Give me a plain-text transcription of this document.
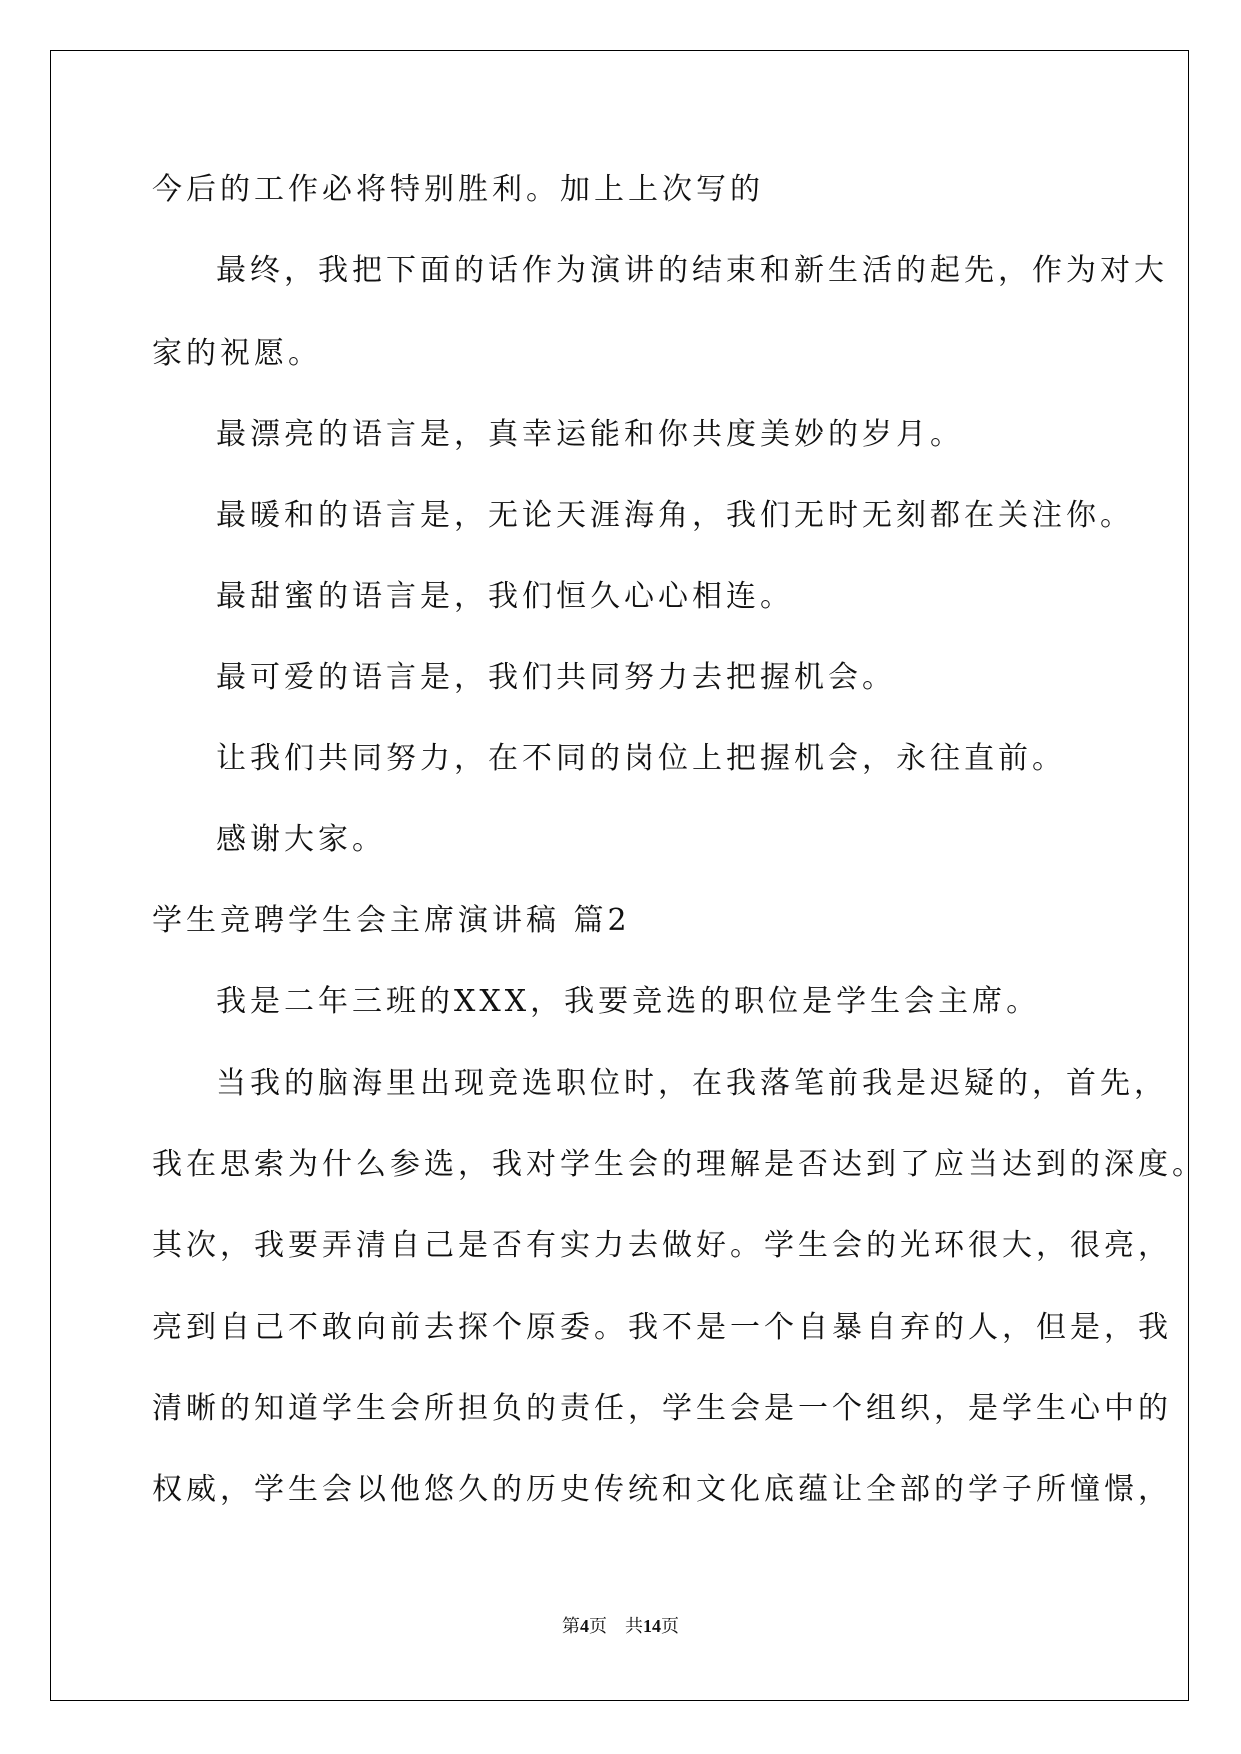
今后的工作必将特别胜利。加上上次写的

最终，我把下面的话作为演讲的结束和新生活的起先，作为对大

家的祝愿。

最漂亮的语言是，真幸运能和你共度美妙的岁月。

最暖和的语言是，无论天涯海角，我们无时无刻都在关注你。

最甜蜜的语言是，我们恒久心心相连。

最可爱的语言是，我们共同努力去把握机会。

让我们共同努力，在不同的岗位上把握机会，永往直前。

感谢大家。

学生竞聘学生会主席演讲稿 篇2

我是二年三班的XXX，我要竞选的职位是学生会主席。

当我的脑海里出现竞选职位时，在我落笔前我是迟疑的，首先，

我在思索为什么参选，我对学生会的理解是否达到了应当达到的深度。

其次，我要弄清自己是否有实力去做好。学生会的光环很大，很亮，

亮到自己不敢向前去探个原委。我不是一个自暴自弃的人，但是，我

清晰的知道学生会所担负的责任，学生会是一个组织，是学生心中的

权威，学生会以他悠久的历史传统和文化底蕴让全部的学子所憧憬，

第4页 共14页
